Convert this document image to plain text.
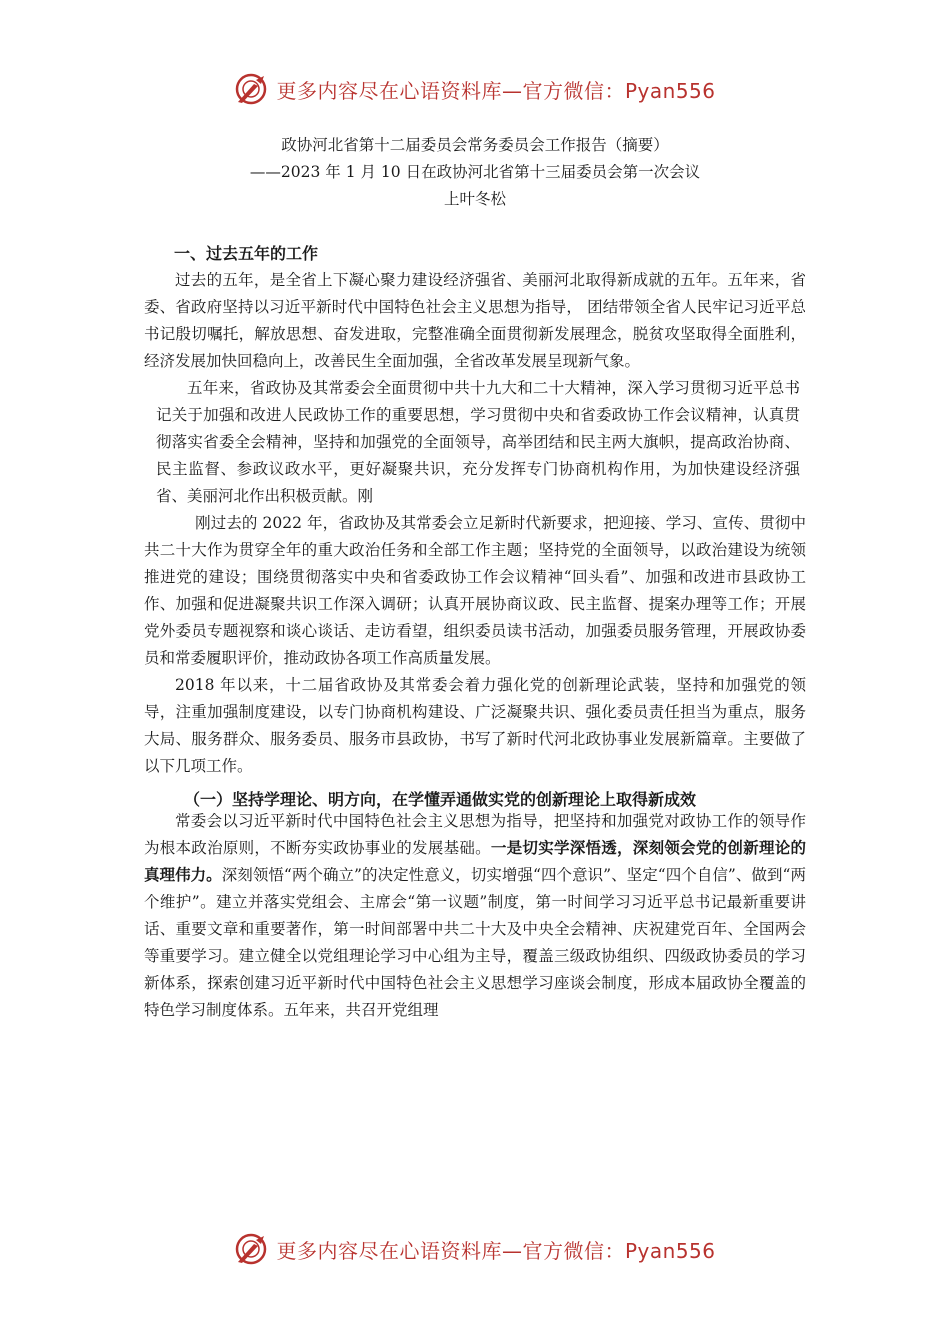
更多内容尽在心语资料库—官方微信：Pyan556
政协河北省第十二届委员会常务委员会工作报告（摘要）
——2023 年 1 月 10 日在政协河北省第十三届委员会第一次会议
上叶冬松
一、过去五年的工作

过去的五年，是全省上下凝心聚力建设经济强省、美丽河北取得新成就的五年。五年来，省委、省政府坚持以习近平新时代中国特色社会主义思想为指导， 团结带领全省人民牢记习近平总书记殷切嘱托，解放思想、奋发进取，完整准确全面贯彻新发展理念，脱贫攻坚取得全面胜利，经济发展加快回稳向上，改善民生全面加强，全省改革发展呈现新气象。

五年来，省政协及其常委会全面贯彻中共十九大和二十大精神，深入学习贯彻习近平总书记关于加强和改进人民政协工作的重要思想，学习贯彻中央和省委政协工作会议精神，认真贯彻落实省委全会精神，坚持和加强党的全面领导，高举团结和民主两大旗帜，提高政治协商、民主监督、参政议政水平，更好凝聚共识，充分发挥专门协商机构作用，为加快建设经济强省、美丽河北作出积极贡献。刚

刚过去的 2022 年，省政协及其常委会立足新时代新要求，把迎接、学习、宣传、贯彻中共二十大作为贯穿全年的重大政治任务和全部工作主题；坚持党的全面领导，以政治建设为统领推进党的建设；围绕贯彻落实中央和省委政协工作会议精神“回头看”、加强和改进市县政协工作、加强和促进凝聚共识工作深入调研；认真开展协商议政、民主监督、提案办理等工作；开展党外委员专题视察和谈心谈话、走访看望，组织委员读书活动，加强委员服务管理，开展政协委员和常委履职评价，推动政协各项工作高质量发展。

2018 年以来，十二届省政协及其常委会着力强化党的创新理论武装，坚持和加强党的领导，注重加强制度建设，以专门协商机构建设、广泛凝聚共识、强化委员责任担当为重点，服务大局、服务群众、服务委员、服务市县政协，书写了新时代河北政协事业发展新篇章。主要做了以下几项工作。

（一）坚持学理论、明方向，在学懂弄通做实党的创新理论上取得新成效

常委会以习近平新时代中国特色社会主义思想为指导，把坚持和加强党对政协工作的领导作为根本政治原则，不断夯实政协事业的发展基础。一是切实学深悟透，深刻领会党的创新理论的真理伟力。深刻领悟“两个确立”的决定性意义，切实增强“四个意识”、坚定“四个自信”、做到“两个维护”。建立并落实党组会、主席会“第一议题”制度，第一时间学习习近平总书记最新重要讲话、重要文章和重要著作，第一时间部署中共二十大及中央全会精神、庆祝建党百年、全国两会等重要学习。建立健全以党组理论学习中心组为主导，覆盖三级政协组织、四级政协委员的学习新体系，探索创建习近平新时代中国特色社会主义思想学习座谈会制度，形成本届政协全覆盖的特色学习制度体系。五年来，共召开党组理

更多内容尽在心语资料库—官方微信：Pyan556
